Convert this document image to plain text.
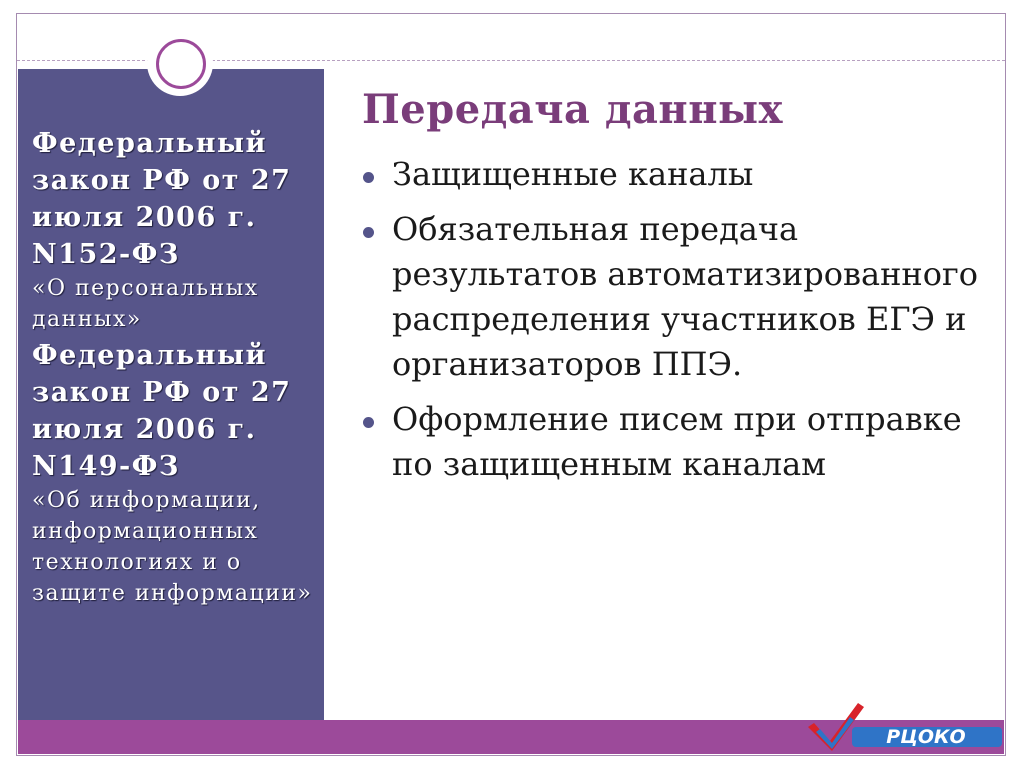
Федеральный закон РФ от 27 июля 2006 г. N152-ФЗ

«О персональных данных»

Федеральный закон РФ от 27 июля 2006 г. N149-ФЗ

«Об информации, информационных технологиях и о защите информации»

Передача данных
Защищенные каналы
Обязательная передача результатов автоматизированного распределения участников ЕГЭ и организаторов ППЭ.
Оформление писем при отправке по защищенным каналам
РЦОКО
